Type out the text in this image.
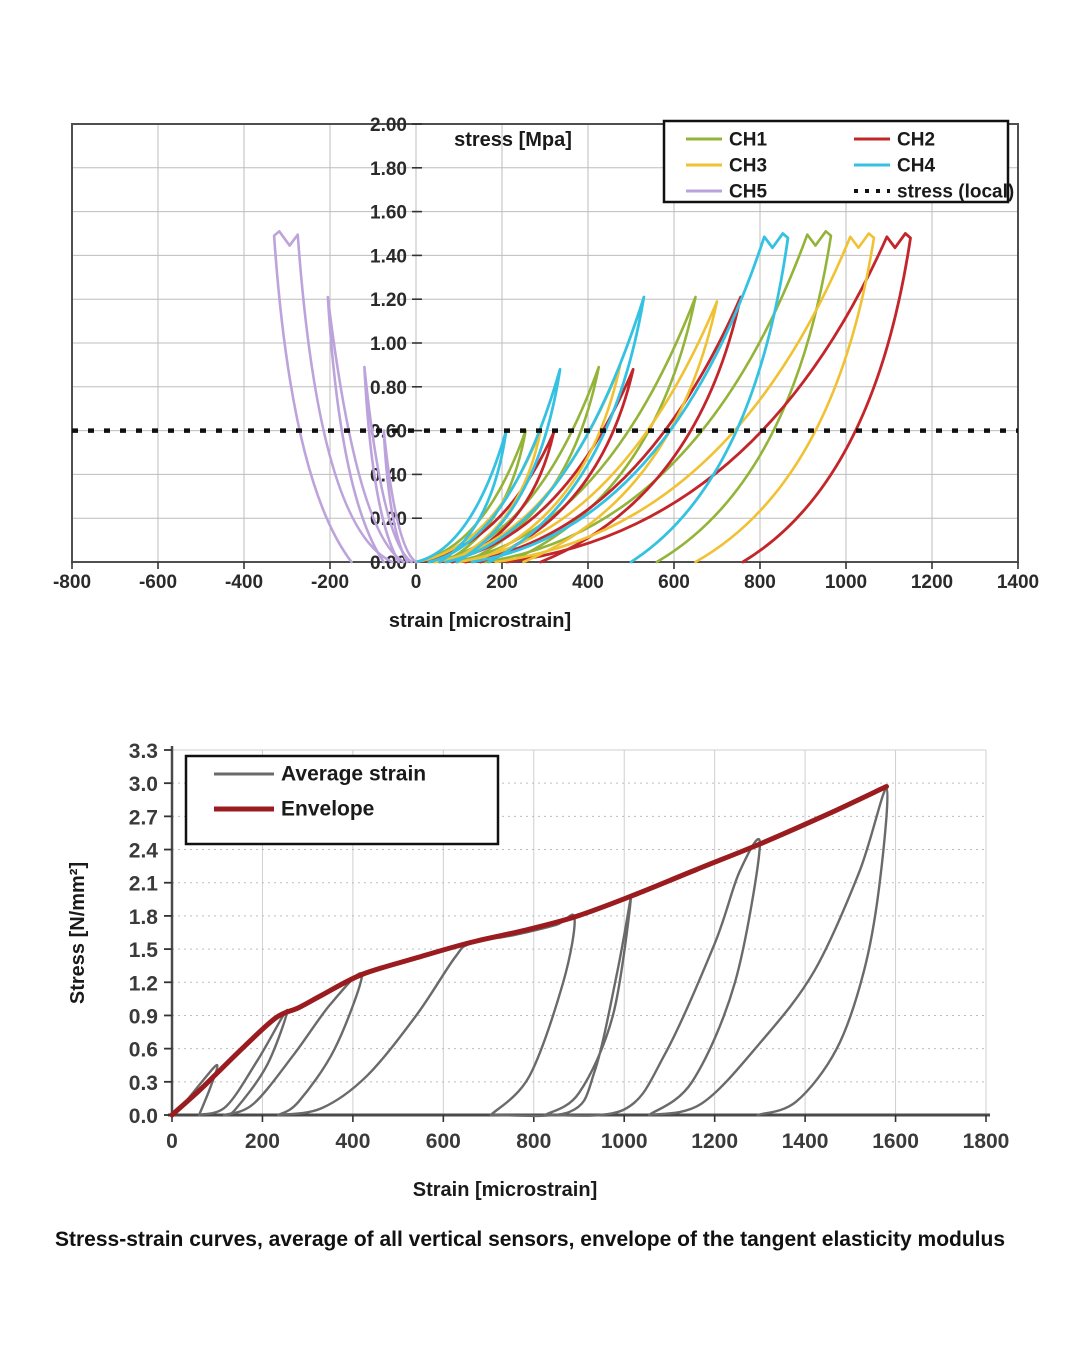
-800	-600	-400	-200	0	200	400	600	800	1000 1200 1400
0.00
0.20
0.40
0.60
0.80
1.00
1.20
1.40
1.60
1.80
2.00
stress [Mpa]
strain [microstrain]
CH1	CH2
CH3	CH4
CH5	stress (local)
0	200	400	600	800 1000 1200 1400 1600 1800
0.0
0.3
0.6
0.9
1.2
1.5
1.8
2.1
2.4
2.7
3.0
3.3
Strain [microstrain]
Stress [N/mm²]
Average strain
Envelope
Stress-strain curves, average of all vertical sensors, envelope of the tangent elasticity modulus
